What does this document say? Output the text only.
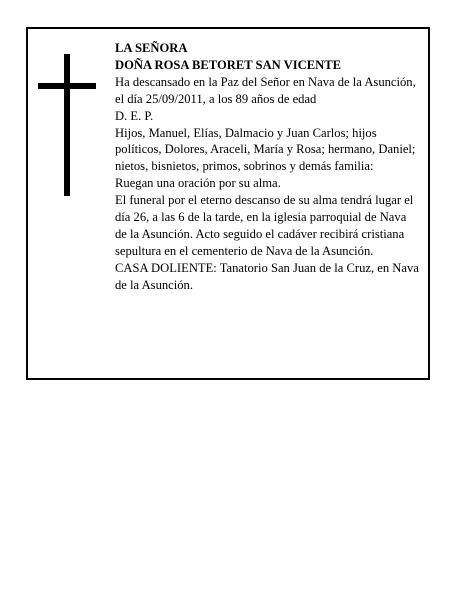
LA SEÑORA

DOÑA ROSA BETORET SAN VICENTE

Ha descansado en la Paz del Señor en Nava de la Asunción, el día 25/09/2011, a los 89 años de edad

D. E. P.

Hijos, Manuel, Elías, Dalmacio y Juan Carlos; hijos políticos, Dolores, Araceli, María y Rosa; hermano, Daniel; nietos, bisnietos, primos, sobrinos y demás familia:

Ruegan una oración por su alma.

El funeral por el eterno descanso de su alma tendrá lugar el día 26, a las 6 de la tarde, en la iglesia parroquial de Nava de la Asunción. Acto seguido el cadáver recibirá cristiana sepultura en el cementerio de Nava de la Asunción.

CASA DOLIENTE: Tanatorio San Juan de la Cruz, en Nava de la Asunción.
